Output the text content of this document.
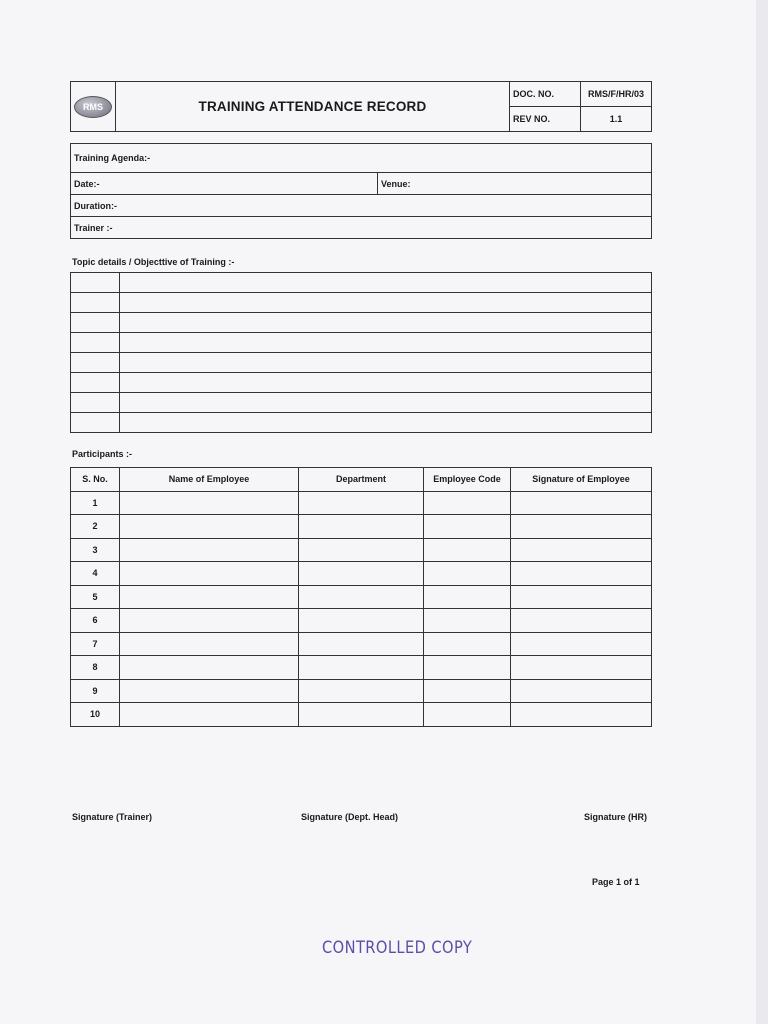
RMS	TRAINING ATTENDANCE RECORD	DOC. NO.	RMS/F/HR/03
		REV NO.	1.1
Training Agenda:-
Date:-	Venue:
Duration:-
Trainer :-
Topic details / Objecttive of Training :-

Participants :-
S. No.	Name of Employee	Department	Employee Code	Signature of Employee
1				
2				
3				
4				
5				
6				
7				
8				
9				
10				
Signature (Trainer)	Signature (Dept. Head)	Signature (HR)
Page 1 of 1
CONTROLLED COPY
